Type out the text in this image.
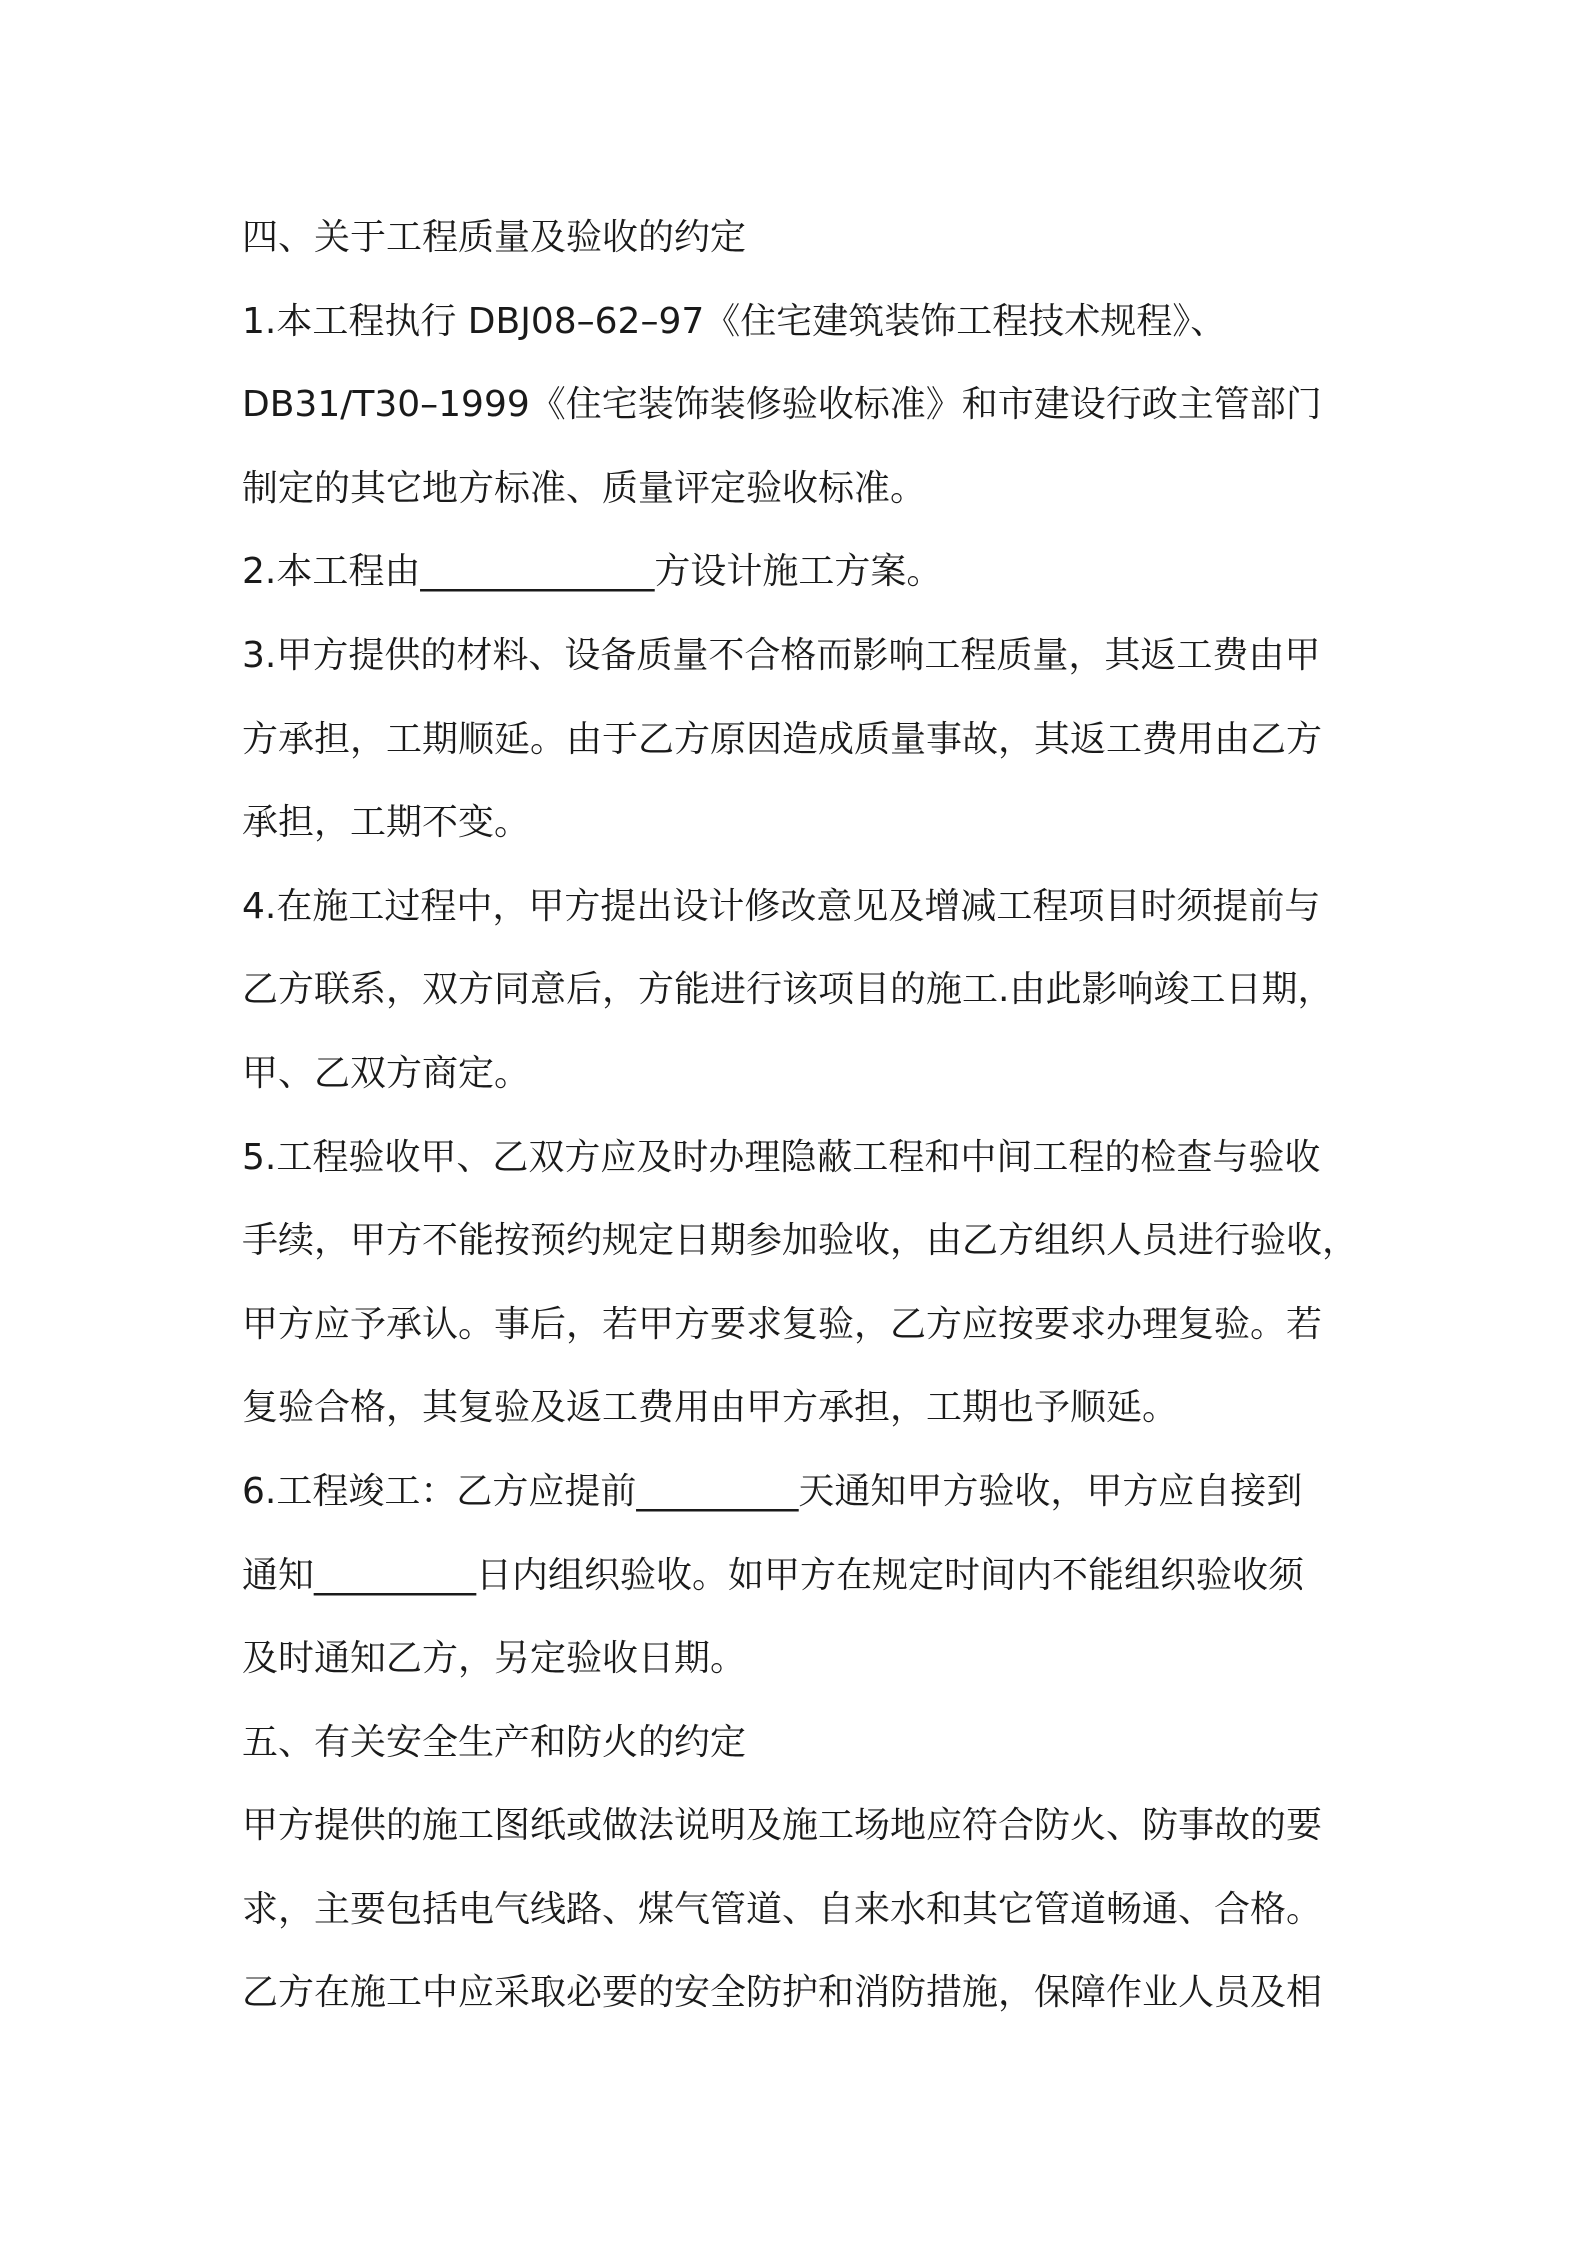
四、关于工程质量及验收的约定
1.本工程执行 DBJ08–62–97《住宅建筑装饰工程技术规程》、
DB31/T30–1999《住宅装饰装修验收标准》和市建设行政主管部门
制定的其它地方标准、质量评定验收标准。
2.本工程由_____________方设计施工方案。
3.甲方提供的材料、设备质量不合格而影响工程质量，其返工费由甲
方承担，工期顺延。由于乙方原因造成质量事故，其返工费用由乙方
承担，工期不变。
4.在施工过程中，甲方提出设计修改意见及增减工程项目时须提前与
乙方联系，双方同意后，方能进行该项目的施工.由此影响竣工日期，
甲、乙双方商定。
5.工程验收甲、乙双方应及时办理隐蔽工程和中间工程的检查与验收
手续，甲方不能按预约规定日期参加验收，由乙方组织人员进行验收，
甲方应予承认。事后，若甲方要求复验，乙方应按要求办理复验。若
复验合格，其复验及返工费用由甲方承担，工期也予顺延。
6.工程竣工：乙方应提前_________天通知甲方验收，甲方应自接到
通知_________日内组织验收。如甲方在规定时间内不能组织验收须
及时通知乙方，另定验收日期。
五、有关安全生产和防火的约定
甲方提供的施工图纸或做法说明及施工场地应符合防火、防事故的要
求，主要包括电气线路、煤气管道、自来水和其它管道畅通、合格。
乙方在施工中应采取必要的安全防护和消防措施，保障作业人员及相
